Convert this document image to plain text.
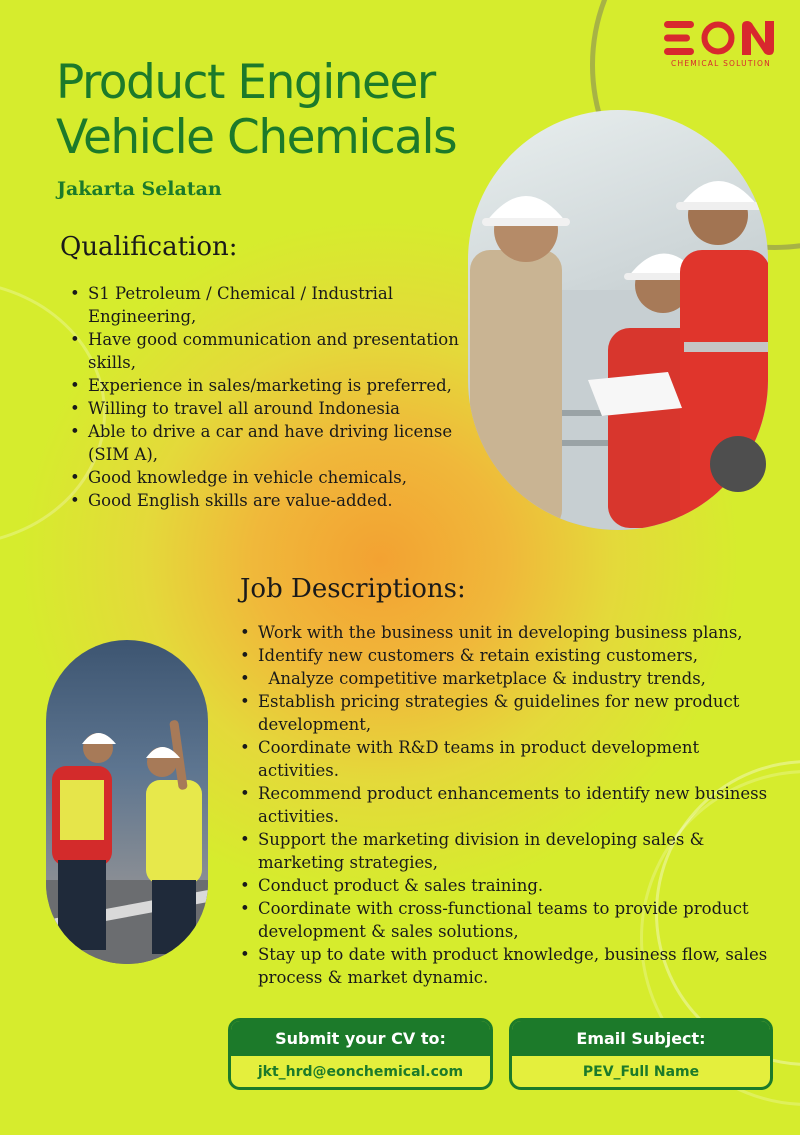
CHEMICAL SOLUTION
Product Engineer
Vehicle Chemicals
Jakarta Selatan
Qualification:
• S1 Petroleum / Chemical / Industrial Engineering,
• Have good communication and presentation skills,
• Experience in sales/marketing is preferred,
• Willing to travel all around Indonesia
• Able to drive a car and have driving license (SIM A),
• Good knowledge in vehicle chemicals,
• Good English skills are value-added.
Job Descriptions:
• Work with the business unit in developing business plans,
• Identify new customers & retain existing customers,
•   Analyze competitive marketplace & industry trends,
• Establish pricing strategies & guidelines for new product development,
• Coordinate with R&D teams in product development activities.
• Recommend product enhancements to identify new business activities.
• Support the marketing division in developing sales & marketing strategies,
• Conduct product & sales training.
• Coordinate with cross-functional teams to provide product development & sales solutions,
• Stay up to date with product knowledge, business flow, sales process & market dynamic.
Submit your CV to:
jkt_hrd@eonchemical.com
Email Subject:
PEV_Full Name
